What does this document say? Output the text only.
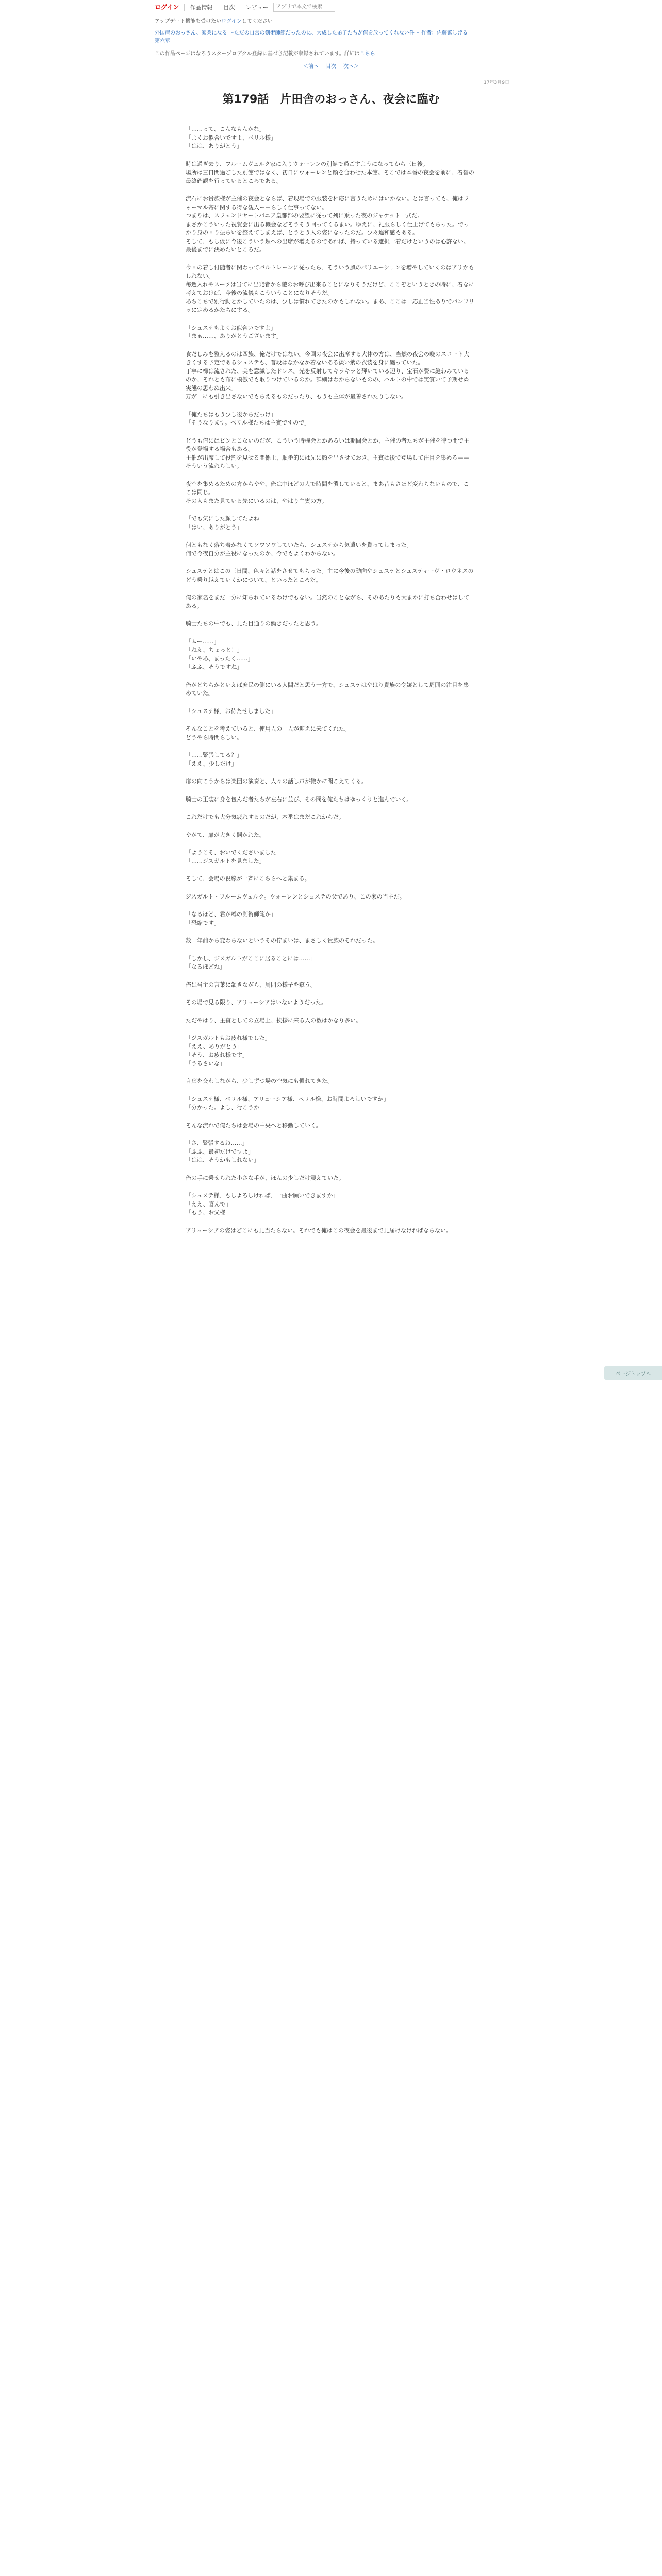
ログイン 作品情報 目次 レビュー
アプリで本文で検索
アップデート機能を受けたいログインしてください。
外国産のおっさん、家業になる ～ただの自営の剣術師範だったのに、大成した弟子たちが俺を放ってくれない件～ 作者：佐藤繁しげる
第六章
この作品ページはなろうスタープロデクル登録に基づき記載が収録されています。詳細はこちら
＜前へ 目次 次へ＞
17年3月9日
第179話　片田舎のおっさん、夜会に臨む

「……って、こんなもんかな」

「よくお似合いですよ、ベリル様」

「はは、ありがとう」

時は過ぎ去り、フルームヴェルク家に入りウォーレンの別館で過ごすようになってから三日後。

場所は三日間過ごした別館ではなく、初日にウォーレンと顔を合わせた本館。そこでは本番の夜会を前に、着替の最終確認を行っているところである。

流石にお貴族様が主催の夜会とならば、着現場での服装を相応に言うためにはいかない。とは言っても、俺はフォーマル寄に関する得な観人ー－らしく仕事ってない。

つまりは、スフェンドヤートパニア皇都部の要望に従って列に乗った夜のジャケット一式だ。

まさかこういった祝賀会に出る機会などそうそう回ってくるまい。ゆえに、礼服らしく仕上げてもらった。でっかり身の回り振らいを整えてしまえば、とうとう人の姿になったのだ。少々違和感もある。

そして、もし仮に今後こういう類への出席が増えるのであれば、持っている選択一着だけというのは心許ない。最後までに決めたいところだ。

今回の着し付随者に関わってパルトレーンに従ったら、そういう風のパリエーションを増やしていくのはアリかもしれない。

毎週入れやスーツは当てに出発者から遊のお呼び出来ることになりそうだけど、ここぞというときの時に、着なに考えておけば、今後の流儀もこういうことになりそうだ。

あちこちで別行動とかしていたのは、少しは慣れてきたのかもしれない。まあ、ここは一応正当性ありでパンフリッに定めるかたちにする。

「シュステもよくお似合いですよ」

「まぁ……、ありがとうございます」

食だしみを整えるのは四族、俺だけではない。今回の夜会に出席する大体の方は、当然の夜会の晩のスコート大きくする予定であるシュステも、普段はなかなか着ないある淡い紫の衣装を身に纏っていた。

丁寧に櫛は流された、美を意識したドレス。光を反射してキラキラと輝いている辺り、宝石が贅に縫わみているのか、それとも布に模倣でも取りつけているのか。詳細はわからないものの、ハルトの中では実質いて予期せぬ実態の思わぬ出来。

万が一にも引き出さないでもらえるものだったり、もうも主体が最善されたりしない。

「俺たちはもう少し後からだっけ」

「そうなります。ベリル様たちは主賓ですので」

どうも俺にはピンとこないのだが、こういう時機会とかあるいは期間会とか、主催の者たちが主催を待つ間で主役が登場する場合もある。

主催が出席して役割を見せる関係上、順番的には先に顔を出させておき、主賓は後で登場して注目を集める——そういう流れらしい。

夜空を集めるための方からやや、俺は中ほどの人で時間を潰していると、まあ昔もさほど変わらないもので、ここは同じ。

その人もまた見ている先にいるのは、やはり主賓の方。

「でも気にした顔してたよね」

「はい、ありがとう」

何ともなく落ち着かなくてソワソワしていたら、シュステから気遣いを貰ってしまった。

何で今夜自分が主役になったのか、今でもよくわからない。

シュステとはこの三日間、色々と話をさせてもらった。主に今後の動向やシュステとシュスティーヴ・ロウネスのどう乗り越えていくかについて、といったところだ。

俺の家名をまだ十分に知られているわけでもない。当然のことながら、そのあたりも大まかに打ち合わせはしてある。

騎士たちの中でも、見た目通りの働きだったと思う。

「ムー……」

「ねえ、ちょっと！」

「いやあ、まったく……」

「ふふ、そうですね」

俺がどちらかといえば庶民の側にいる人間だと思う一方で、シュステはやはり貴族の令嬢として周囲の注目を集めていた。

「シュステ様、お待たせしました」

そんなことを考えていると、使用人の一人が迎えに来てくれた。

どうやら時間らしい。

「……緊張してる？」

「ええ、少しだけ」

扉の向こうからは楽団の演奏と、人々の話し声が微かに聞こえてくる。

騎士の正装に身を包んだ者たちが左右に並び、その間を俺たちはゆっくりと進んでいく。

これだけでも大分気疲れするのだが、本番はまだこれからだ。

やがて、扉が大きく開かれた。

「ようこそ、おいでくださいました」

「……ジスガルトを見ました」

そして、会場の視線が一斉にこちらへと集まる。

ジスガルト・フルームヴェルク。ウォーレンとシュステの父であり、この家の当主だ。

「なるほど、君が噂の剣術師範か」

「恐縮です」

数十年前から変わらないというその佇まいは、まさしく貴族のそれだった。

「しかし、ジスガルトがここに居ることには……」

「なるほどね」

俺は当主の言葉に頷きながら、周囲の様子を窺う。

その場で見る限り、アリューシアはいないようだった。

ただやはり、主賓としての立場上、挨拶に来る人の数はかなり多い。

「ジスガルトもお疲れ様でした」

「ええ、ありがとう」

「そう、お疲れ様です」

「うるさいな」

言葉を交わしながら、少しずつ場の空気にも慣れてきた。

「シュステ様、ベリル様、アリューシア様、ペリル様、お時間よろしいですか」

「分かった。よし、行こうか」

そんな流れで俺たちは会場の中央へと移動していく。

「さ、緊張するね……」

「ふふ、最初だけですよ」

「はは、そうかもしれない」

俺の手に乗せられた小さな手が、ほんの少しだけ震えていた。

「シュステ様、もしよろしければ、一曲お願いできますか」

「ええ、喜んで」

「もう、お父様」

アリューシアの姿はどこにも見当たらない。それでも俺はこの夜会を最後まで見届けなければならない。

ページトップへ
